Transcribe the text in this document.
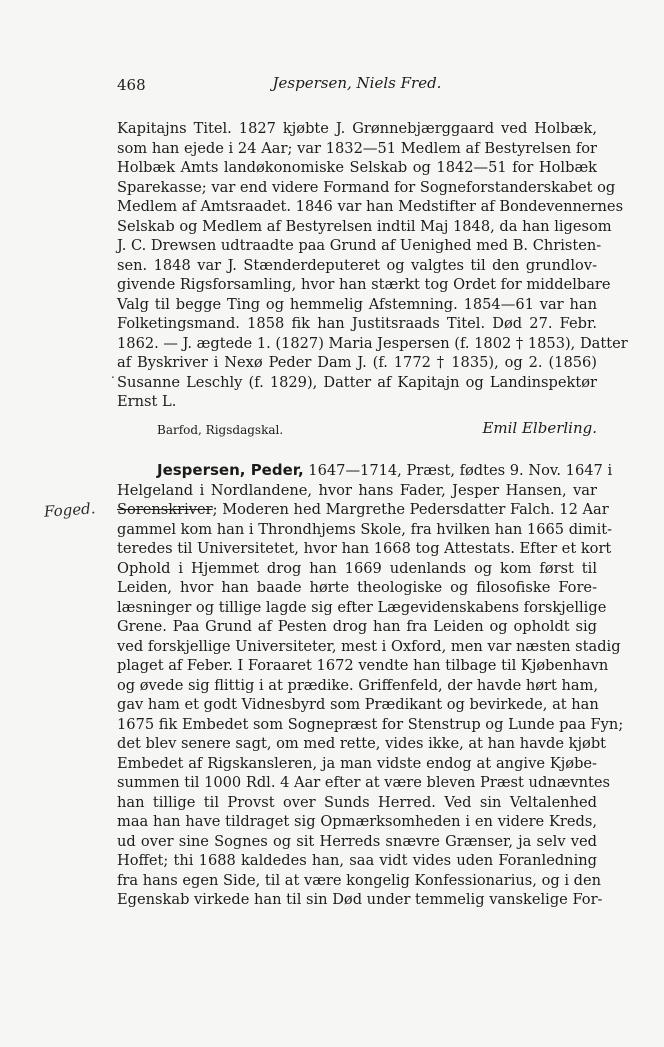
468	Jespersen, Niels Fred.
.
Kapitajns Titel. 1827 kjøbte J. Grønnebjærggaard ved Holbæk,
som han ejede i 24 Aar; var 1832—51 Medlem af Bestyrelsen for
Holbæk Amts landøkonomiske Selskab og 1842—51 for Holbæk
Sparekasse; var end videre Formand for Sogneforstanderskabet og
Medlem af Amtsraadet. 1846 var han Medstifter af Bondevennernes
Selskab og Medlem af Bestyrelsen indtil Maj 1848, da han ligesom
J. C. Drewsen udtraadte paa Grund af Uenighed med B. Christen-
sen. 1848 var J. Stænderdeputeret og valgtes til den grundlov-
givende Rigsforsamling, hvor han stærkt tog Ordet for middelbare
Valg til begge Ting og hemmelig Afstemning. 1854—61 var han
Folketingsmand. 1858 fik han Justitsraads Titel. Død 27. Febr.
1862. — J. ægtede 1. (1827) Maria Jespersen (f. 1802 † 1853), Datter
af Byskriver i Nexø Peder Dam J. (f. 1772 † 1835), og 2. (1856)
Susanne Leschly (f. 1829), Datter af Kapitajn og Landinspektør
Ernst L.
Barfod, Rigsdagskal.	Emil Elberling.
Foged.
Jespersen, Peder, 1647—1714, Præst, fødtes 9. Nov. 1647 i
Helgeland i Nordlandene, hvor hans Fader, Jesper Hansen, var
Sorenskriver; Moderen hed Margrethe Pedersdatter Falch. 12 Aar
gammel kom han i Throndhjems Skole, fra hvilken han 1665 dimit-
teredes til Universitetet, hvor han 1668 tog Attestats. Efter et kort
Ophold i Hjemmet drog han 1669 udenlands og kom først til
Leiden, hvor han baade hørte theologiske og filosofiske Fore-
læsninger og tillige lagde sig efter Lægevidenskabens forskjellige
Grene. Paa Grund af Pesten drog han fra Leiden og opholdt sig
ved forskjellige Universiteter, mest i Oxford, men var næsten stadig
plaget af Feber. I Foraaret 1672 vendte han tilbage til Kjøbenhavn
og øvede sig flittig i at prædike. Griffenfeld, der havde hørt ham,
gav ham et godt Vidnesbyrd som Prædikant og bevirkede, at han
1675 fik Embedet som Sognepræst for Stenstrup og Lunde paa Fyn;
det blev senere sagt, om med rette, vides ikke, at han havde kjøbt
Embedet af Rigskansleren, ja man vidste endog at angive Kjøbe-
summen til 1000 Rdl. 4 Aar efter at være bleven Præst udnævntes
han tillige til Provst over Sunds Herred. Ved sin Veltalenhed
maa han have tildraget sig Opmærksomheden i en videre Kreds,
ud over sine Sognes og sit Herreds snævre Grænser, ja selv ved
Hoffet; thi 1688 kaldedes han, saa vidt vides uden Foranledning
fra hans egen Side, til at være kongelig Konfessionarius, og i den
Egenskab virkede han til sin Død under temmelig vanskelige For-
